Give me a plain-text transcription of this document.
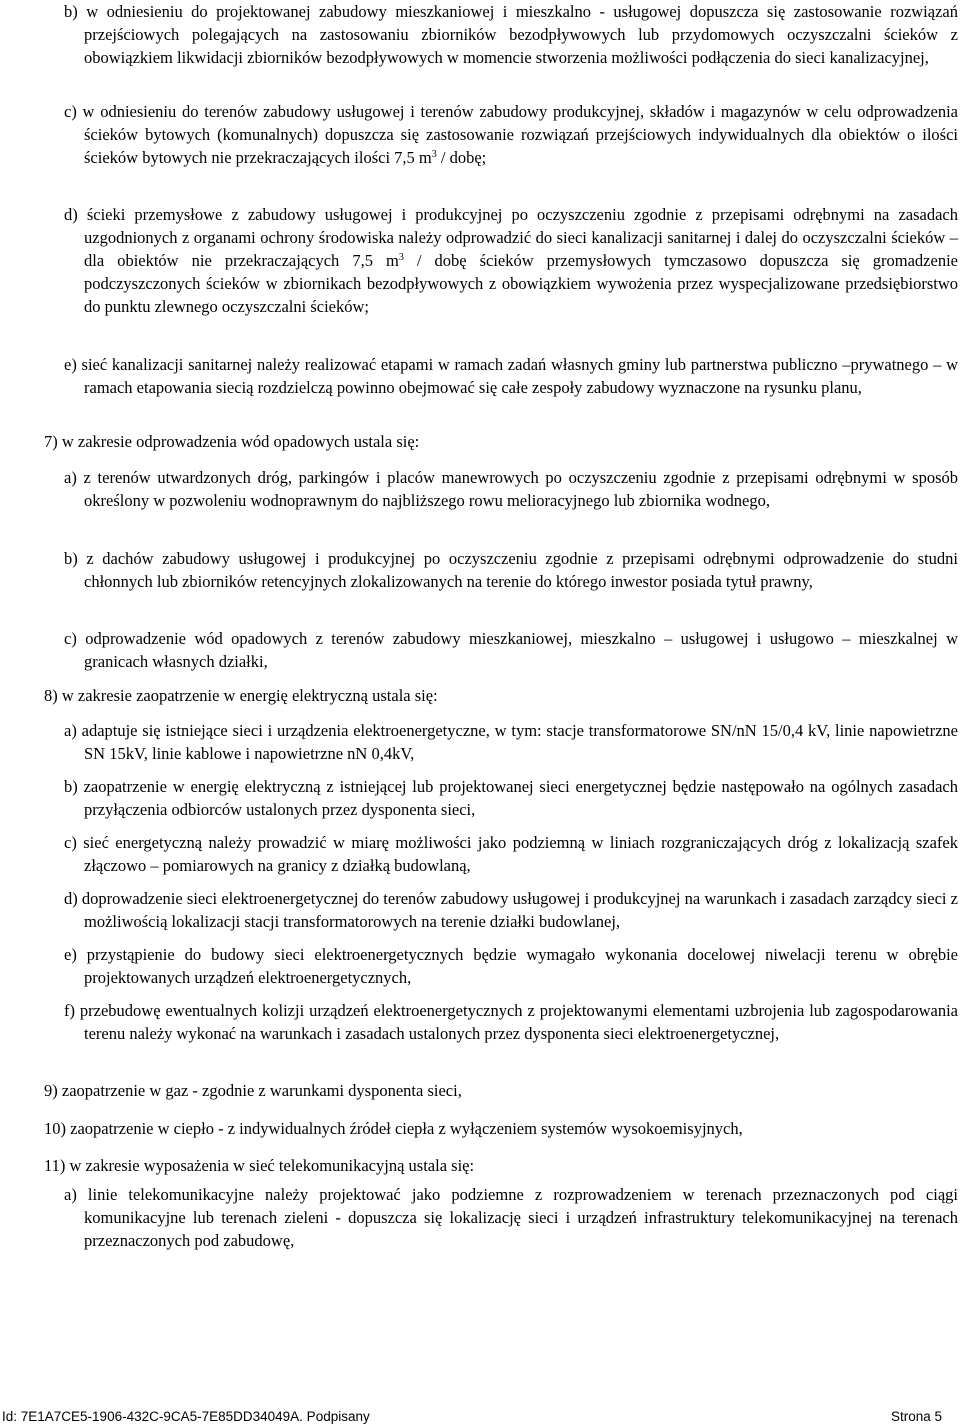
b) w odniesieniu do projektowanej zabudowy mieszkaniowej i mieszkalno - usługowej dopuszcza się zastosowanie rozwiązań przejściowych polegających na zastosowaniu zbiorników bezodpływowych lub przydomowych oczyszczalni ścieków z obowiązkiem likwidacji zbiorników bezodpływowych w momencie stworzenia możliwości podłączenia do sieci kanalizacyjnej,
c) w odniesieniu do terenów zabudowy usługowej i terenów zabudowy produkcyjnej, składów i magazynów w celu odprowadzenia ścieków bytowych (komunalnych) dopuszcza się zastosowanie rozwiązań przejściowych indywidualnych dla obiektów o ilości ścieków bytowych nie przekraczających ilości 7,5 $m^3$ / dobę;
d) ścieki przemysłowe z zabudowy usługowej i produkcyjnej po oczyszczeniu zgodnie z przepisami odrębnymi na zasadach uzgodnionych z organami ochrony środowiska należy odprowadzić do sieci kanalizacji sanitarnej i dalej do oczyszczalni ścieków – dla obiektów nie przekraczających 7,5 $m^3$ / dobę ścieków przemysłowych tymczasowo dopuszcza się gromadzenie podczyszczonych ścieków w zbiornikach bezodpływowych z obowiązkiem wywożenia przez wyspecjalizowane przedsiębiorstwo do punktu zlewnego oczyszczalni ścieków;
e) sieć kanalizacji sanitarnej należy realizować etapami w ramach zadań własnych gminy lub partnerstwa publiczno –prywatnego – w ramach etapowania siecią rozdzielczą powinno obejmować się całe zespoły zabudowy wyznaczone na rysunku planu,
7) w zakresie odprowadzenia wód opadowych ustala się:
a) z terenów utwardzonych dróg, parkingów i placów manewrowych po oczyszczeniu zgodnie z przepisami odrębnymi w sposób określony w pozwoleniu wodnoprawnym do najbliższego rowu melioracyjnego lub zbiornika wodnego,
b) z dachów zabudowy usługowej i produkcyjnej po oczyszczeniu zgodnie z przepisami odrębnymi odprowadzenie do studni chłonnych lub zbiorników retencyjnych zlokalizowanych na terenie do którego inwestor posiada tytuł prawny,
c) odprowadzenie wód opadowych z terenów zabudowy mieszkaniowej, mieszkalno – usługowej i usługowo – mieszkalnej w granicach własnych działki,
8) w zakresie zaopatrzenie w energię elektryczną ustala się:
a) adaptuje się istniejące sieci i urządzenia elektroenergetyczne, w tym: stacje transformatorowe SN/nN 15/0,4 kV, linie napowietrzne SN 15kV, linie kablowe i napowietrzne nN 0,4kV,
b) zaopatrzenie w energię elektryczną z istniejącej lub projektowanej sieci energetycznej będzie następowało na ogólnych zasadach przyłączenia odbiorców ustalonych przez dysponenta sieci,
c) sieć energetyczną należy prowadzić w miarę możliwości jako podziemną w liniach rozgraniczających dróg z lokalizacją szafek złączowo – pomiarowych na granicy z działką budowlaną,
d) doprowadzenie sieci elektroenergetycznej do terenów zabudowy usługowej i produkcyjnej na warunkach i zasadach zarządcy sieci z możliwością lokalizacji stacji transformatorowych na terenie działki budowlanej,
e) przystąpienie do budowy sieci elektroenergetycznych będzie wymagało wykonania docelowej niwelacji terenu w obrębie projektowanych urządzeń elektroenergetycznych,
f) przebudowę ewentualnych kolizji urządzeń elektroenergetycznych z projektowanymi elementami uzbrojenia lub zagospodarowania terenu należy wykonać na warunkach i zasadach ustalonych przez dysponenta sieci elektroenergetycznej,
9) zaopatrzenie w gaz - zgodnie z warunkami dysponenta sieci,
10) zaopatrzenie w ciepło - z indywidualnych źródeł ciepła z wyłączeniem systemów wysokoemisyjnych,
11) w zakresie wyposażenia w sieć telekomunikacyjną ustala się:
a) linie telekomunikacyjne należy projektować jako podziemne z rozprowadzeniem w terenach przeznaczonych pod ciągi komunikacyjne lub terenach zieleni - dopuszcza się lokalizację sieci i urządzeń infrastruktury telekomunikacyjnej na terenach przeznaczonych pod zabudowę,
Id: 7E1A7CE5-1906-432C-9CA5-7E85DD34049A. Podpisany	Strona 5
